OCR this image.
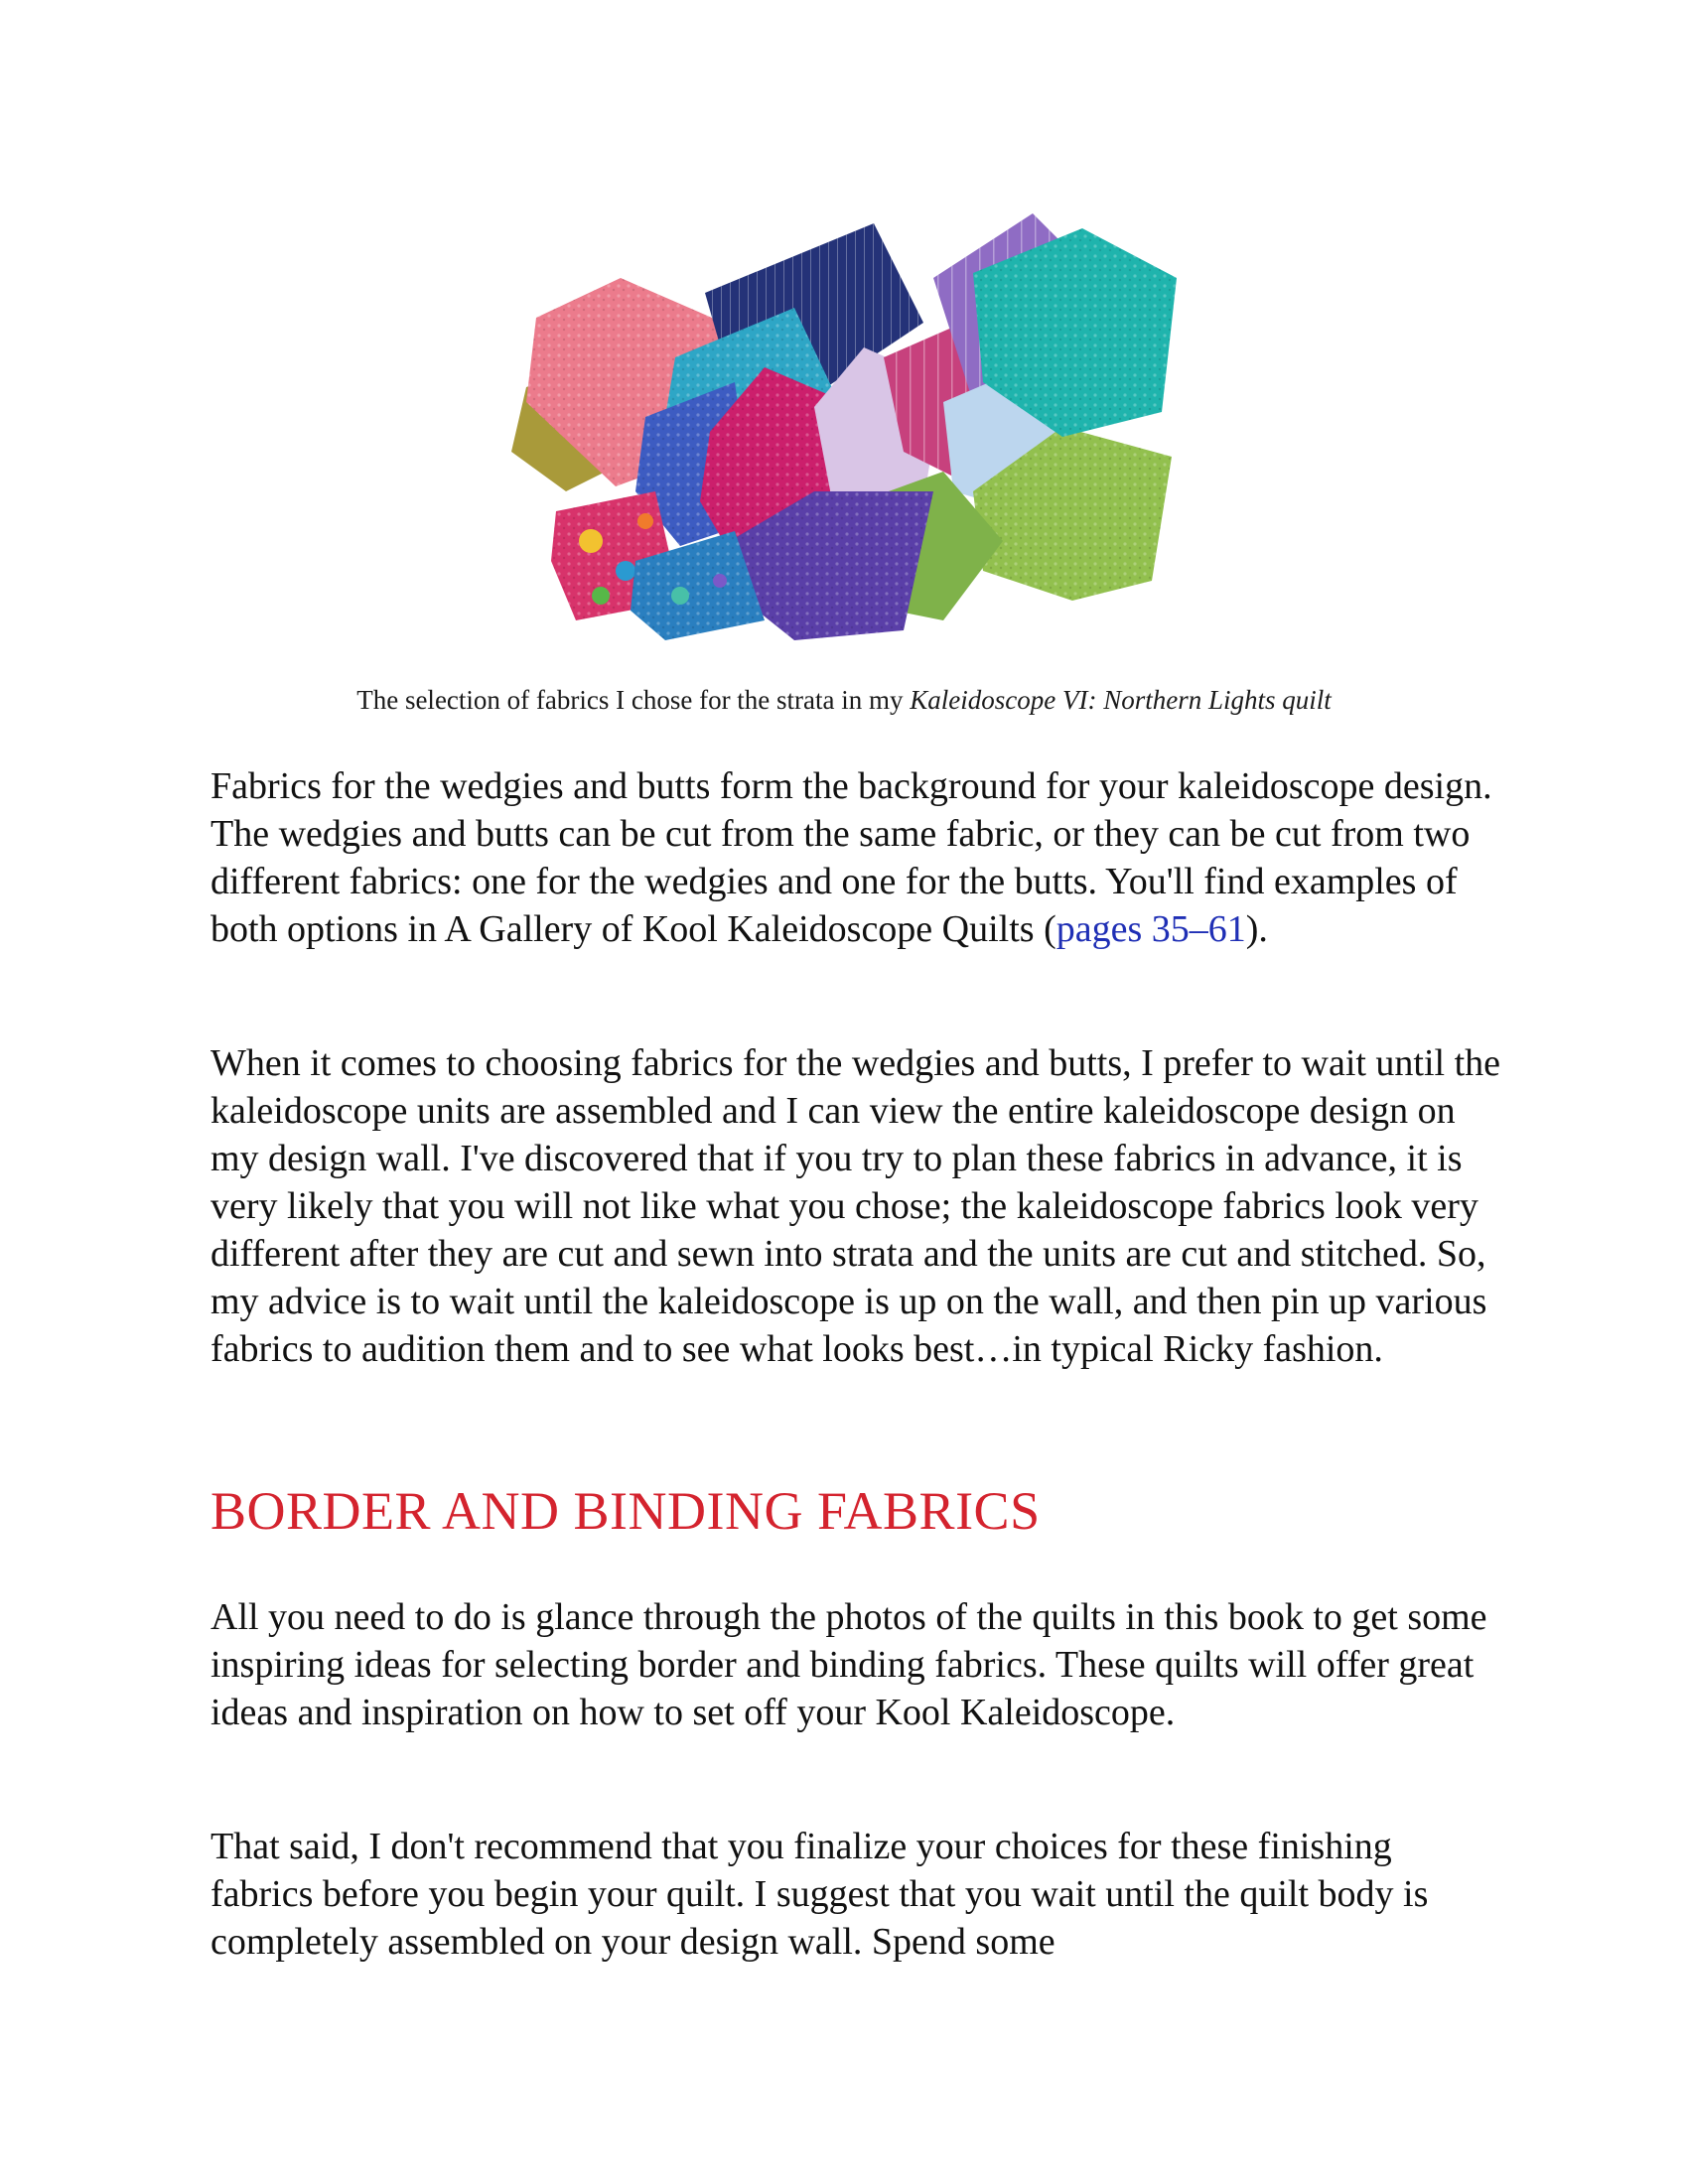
The selection of fabrics I chose for the strata in my Kaleidoscope VI: Northern Lights quilt

Fabrics for the wedgies and butts form the background for your kaleidoscope design. The wedgies and butts can be cut from the same fabric, or they can be cut from two different fabrics: one for the wedgies and one for the butts. You'll find examples of both options in A Gallery of Kool Kaleidoscope Quilts (pages 35–61).

When it comes to choosing fabrics for the wedgies and butts, I prefer to wait until the kaleidoscope units are assembled and I can view the entire kaleidoscope design on my design wall. I've discovered that if you try to plan these fabrics in advance, it is very likely that you will not like what you chose; the kaleidoscope fabrics look very different after they are cut and sewn into strata and the units are cut and stitched. So, my advice is to wait until the kaleidoscope is up on the wall, and then pin up various fabrics to audition them and to see what looks best…in typical Ricky fashion.

BORDER AND BINDING FABRICS

All you need to do is glance through the photos of the quilts in this book to get some inspiring ideas for selecting border and binding fabrics. These quilts will offer great ideas and inspiration on how to set off your Kool Kaleidoscope.

That said, I don't recommend that you finalize your choices for these finishing fabrics before you begin your quilt. I suggest that you wait until the quilt body is completely assembled on your design wall. Spend some
